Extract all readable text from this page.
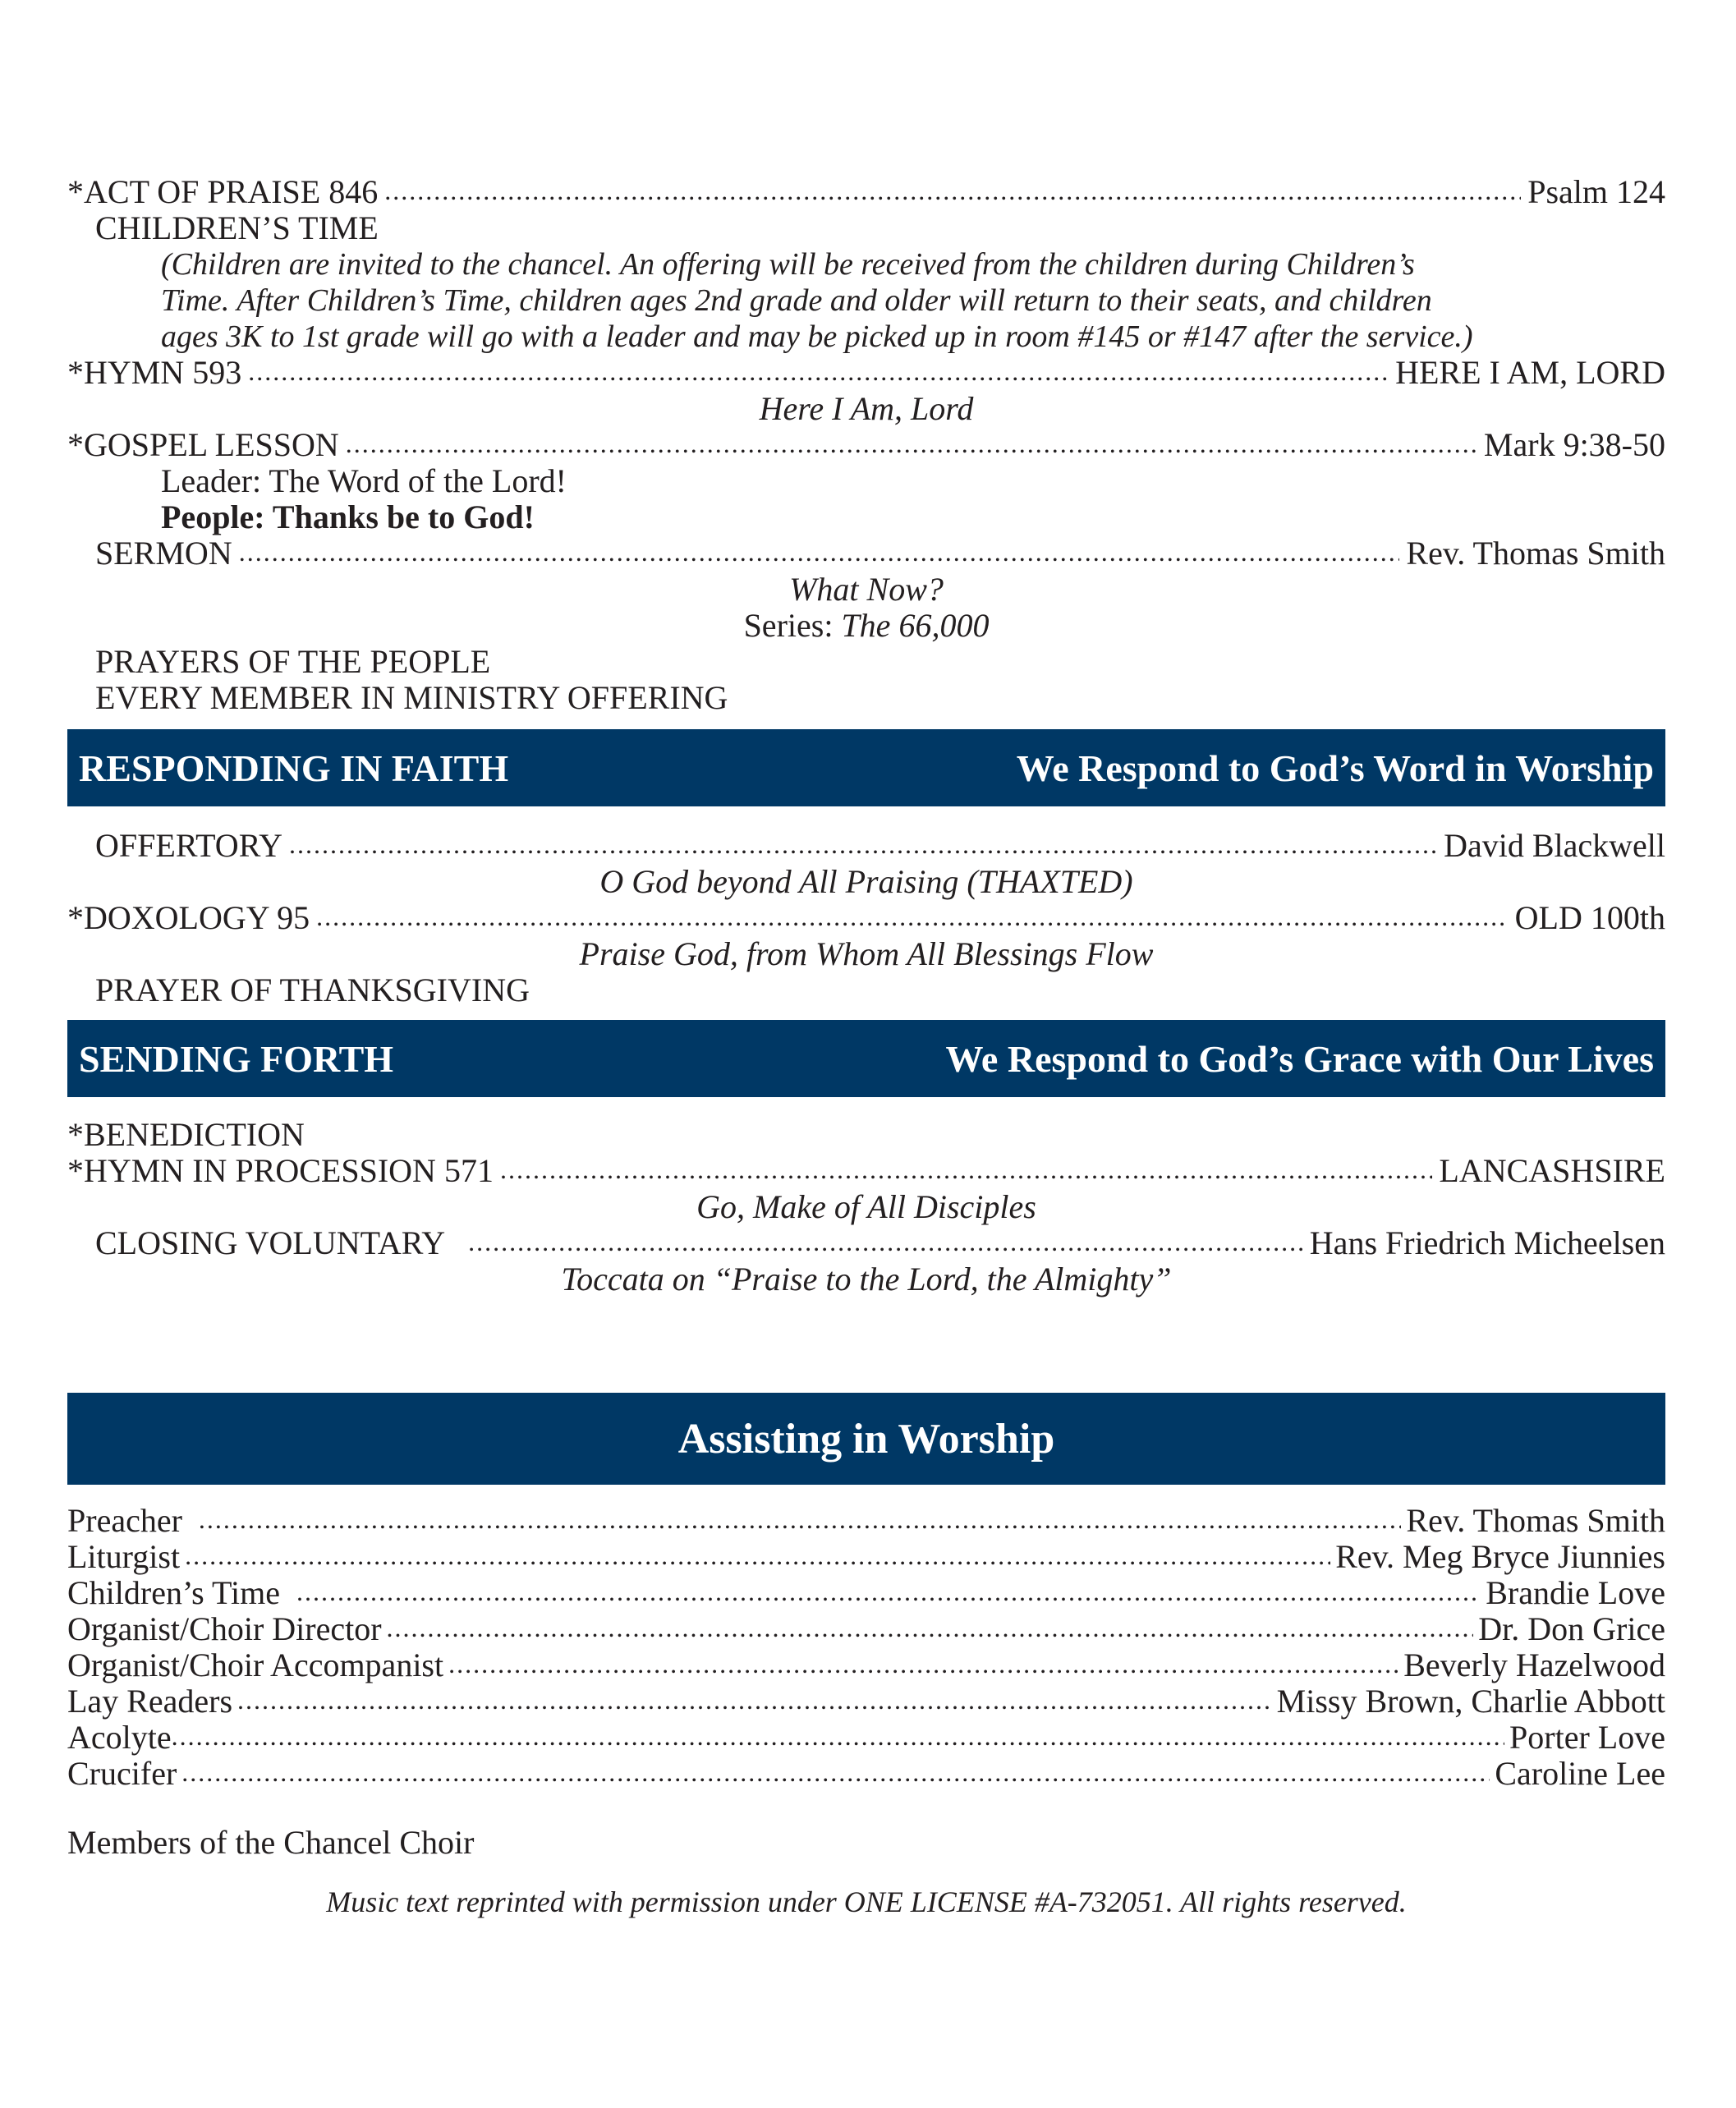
*ACT OF PRAISE 846 .....	Psalm 124
CHILDREN’S TIME
(Children are invited to the chancel. An offering will be received from the children during Children’s
Time. After Children’s Time, children ages 2nd grade and older will return to their seats, and children
ages 3K to 1st grade will go with a leader and may be picked up in room #145 or #147 after the service.)
*HYMN 593 .....	HERE I AM, LORD
Here I Am, Lord
*GOSPEL LESSON .....	Mark 9:38-50
Leader: The Word of the Lord!
People: Thanks be to God!
SERMON .....	Rev. Thomas Smith
What Now?
Series: The 66,000
PRAYERS OF THE PEOPLE
EVERY MEMBER IN MINISTRY OFFERING
RESPONDING IN FAITH	We Respond to God’s Word in Worship
OFFERTORY .....	David Blackwell
O God beyond All Praising (THAXTED)
*DOXOLOGY 95 .....	OLD 100th
Praise God, from Whom All Blessings Flow
PRAYER OF THANKSGIVING
SENDING FORTH	We Respond to God’s Grace with Our Lives
*BENEDICTION
*HYMN IN PROCESSION 571 .....	LANCASHSIRE
Go, Make of All Disciples
CLOSING VOLUNTARY .....	Hans Friedrich Micheelsen
Toccata on “Praise to the Lord, the Almighty”
Assisting in Worship
Preacher .....	Rev. Thomas Smith
Liturgist .....	Rev. Meg Bryce Jiunnies
Children’s Time .....	Brandie Love
Organist/Choir Director .....	Dr. Don Grice
Organist/Choir Accompanist .....	Beverly Hazelwood
Lay Readers .....	Missy Brown, Charlie Abbott
Acolyte .....	Porter Love
Crucifer .....	Caroline Lee
Members of the Chancel Choir
Music text reprinted with permission under ONE LICENSE #A-732051. All rights reserved.
